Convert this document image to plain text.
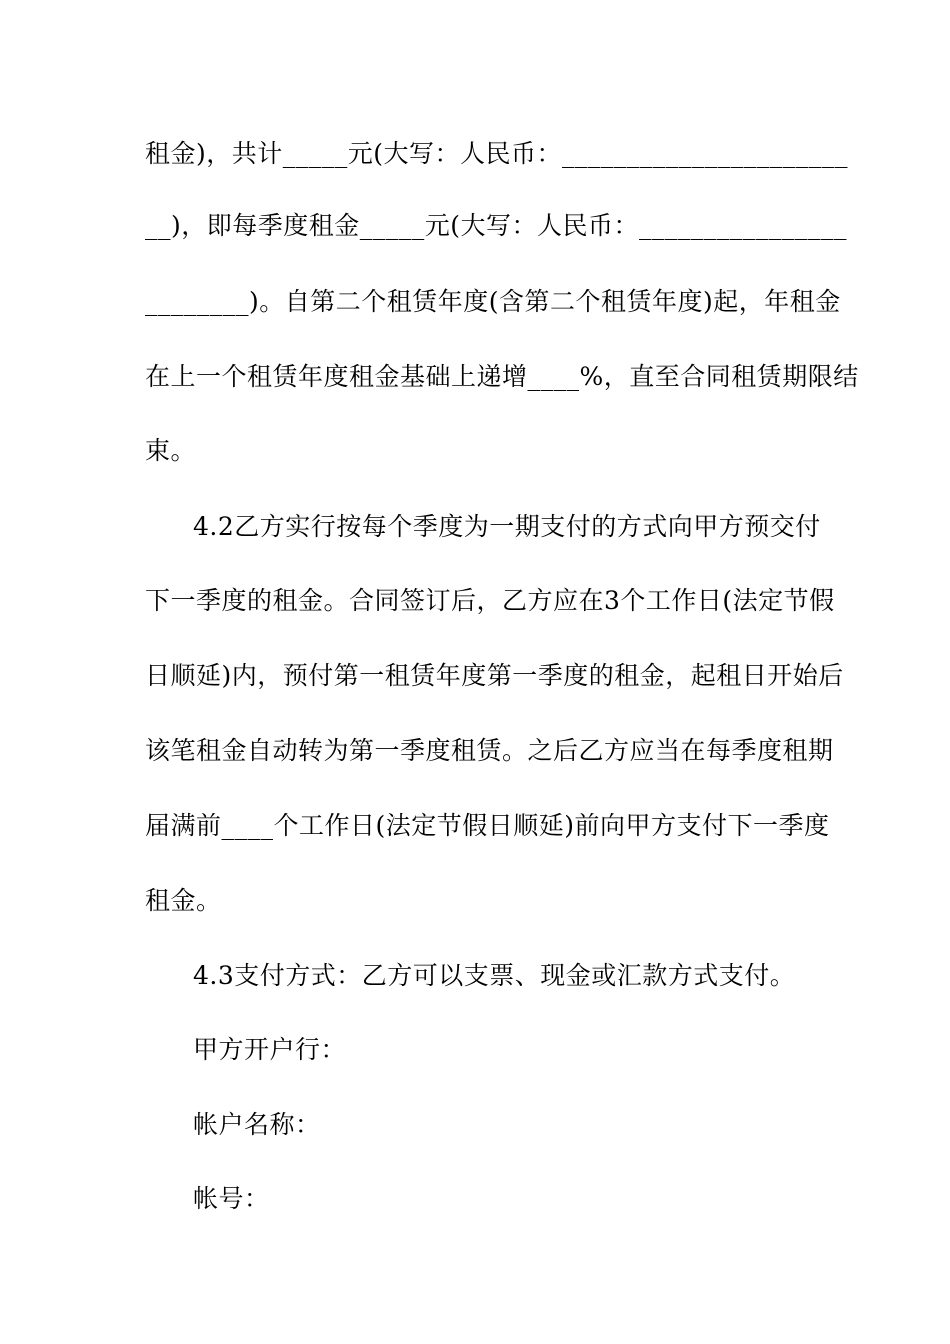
租金)，共计_____元(大写：人民币：______________________
__)，即每季度租金_____元(大写：人民币：________________
________)。自第二个租赁年度(含第二个租赁年度)起，年租金
在上一个租赁年度租金基础上递增____%，直至合同租赁期限结
束。
4.2乙方实行按每个季度为一期支付的方式向甲方预交付
下一季度的租金。合同签订后，乙方应在3个工作日(法定节假
日顺延)内，预付第一租赁年度第一季度的租金，起租日开始后
该笔租金自动转为第一季度租赁。之后乙方应当在每季度租期
届满前____个工作日(法定节假日顺延)前向甲方支付下一季度
租金。
4.3支付方式：乙方可以支票、现金或汇款方式支付。
甲方开户行：
帐户名称：
帐号：
